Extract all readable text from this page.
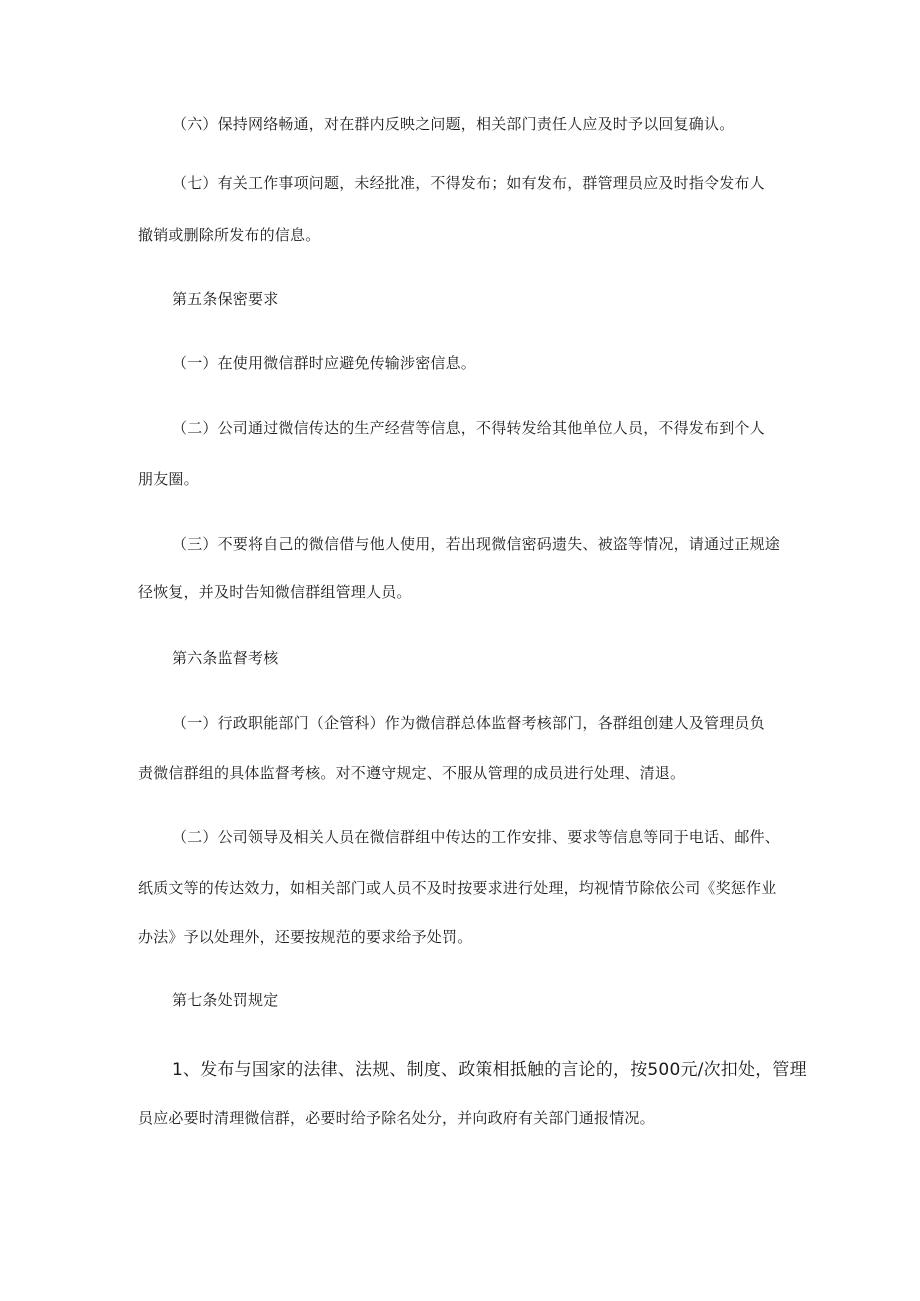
（六）保持网络畅通，对在群内反映之问题，相关部门责任人应及时予以回复确认。
（七）有关工作事项问题，未经批准，不得发布；如有发布，群管理员应及时指令发布人
撤销或删除所发布的信息。
第五条保密要求
（一）在使用微信群时应避免传输涉密信息。
（二）公司通过微信传达的生产经营等信息，不得转发给其他单位人员，不得发布到个人
朋友圈。
（三）不要将自己的微信借与他人使用，若出现微信密码遗失、被盗等情况，请通过正规途
径恢复，并及时告知微信群组管理人员。
第六条监督考核
（一）行政职能部门（企管科）作为微信群总体监督考核部门，各群组创建人及管理员负
责微信群组的具体监督考核。对不遵守规定、不服从管理的成员进行处理、清退。
（二）公司领导及相关人员在微信群组中传达的工作安排、要求等信息等同于电话、邮件、
纸质文等的传达效力，如相关部门或人员不及时按要求进行处理，均视情节除依公司《奖惩作业
办法》予以处理外，还要按规范的要求给予处罚。
第七条处罚规定
1、发布与国家的法律、法规、制度、政策相抵触的言论的，按500元/次扣处，管理
员应必要时清理微信群，必要时给予除名处分，并向政府有关部门通报情况。
